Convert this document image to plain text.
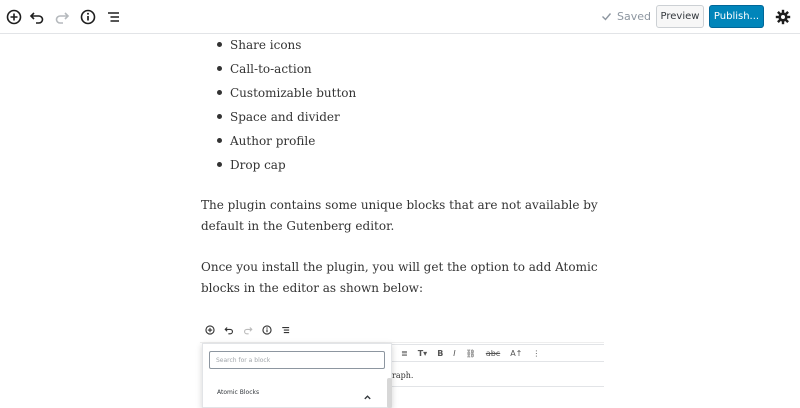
Saved Preview	Publish...
Share icons
Call-to-action
Customizable button
Space and divider
Author profile
Drop cap

The plugin contains some unique blocks that are not available by default in the Gutenberg editor.

Once you install the plugin, you will get the option to add Atomic blocks in the editor as shown below:

≣ T▾ B I ⛓ abc A↑ ⋮
raph.
Search for a block
Atomic Blocks
